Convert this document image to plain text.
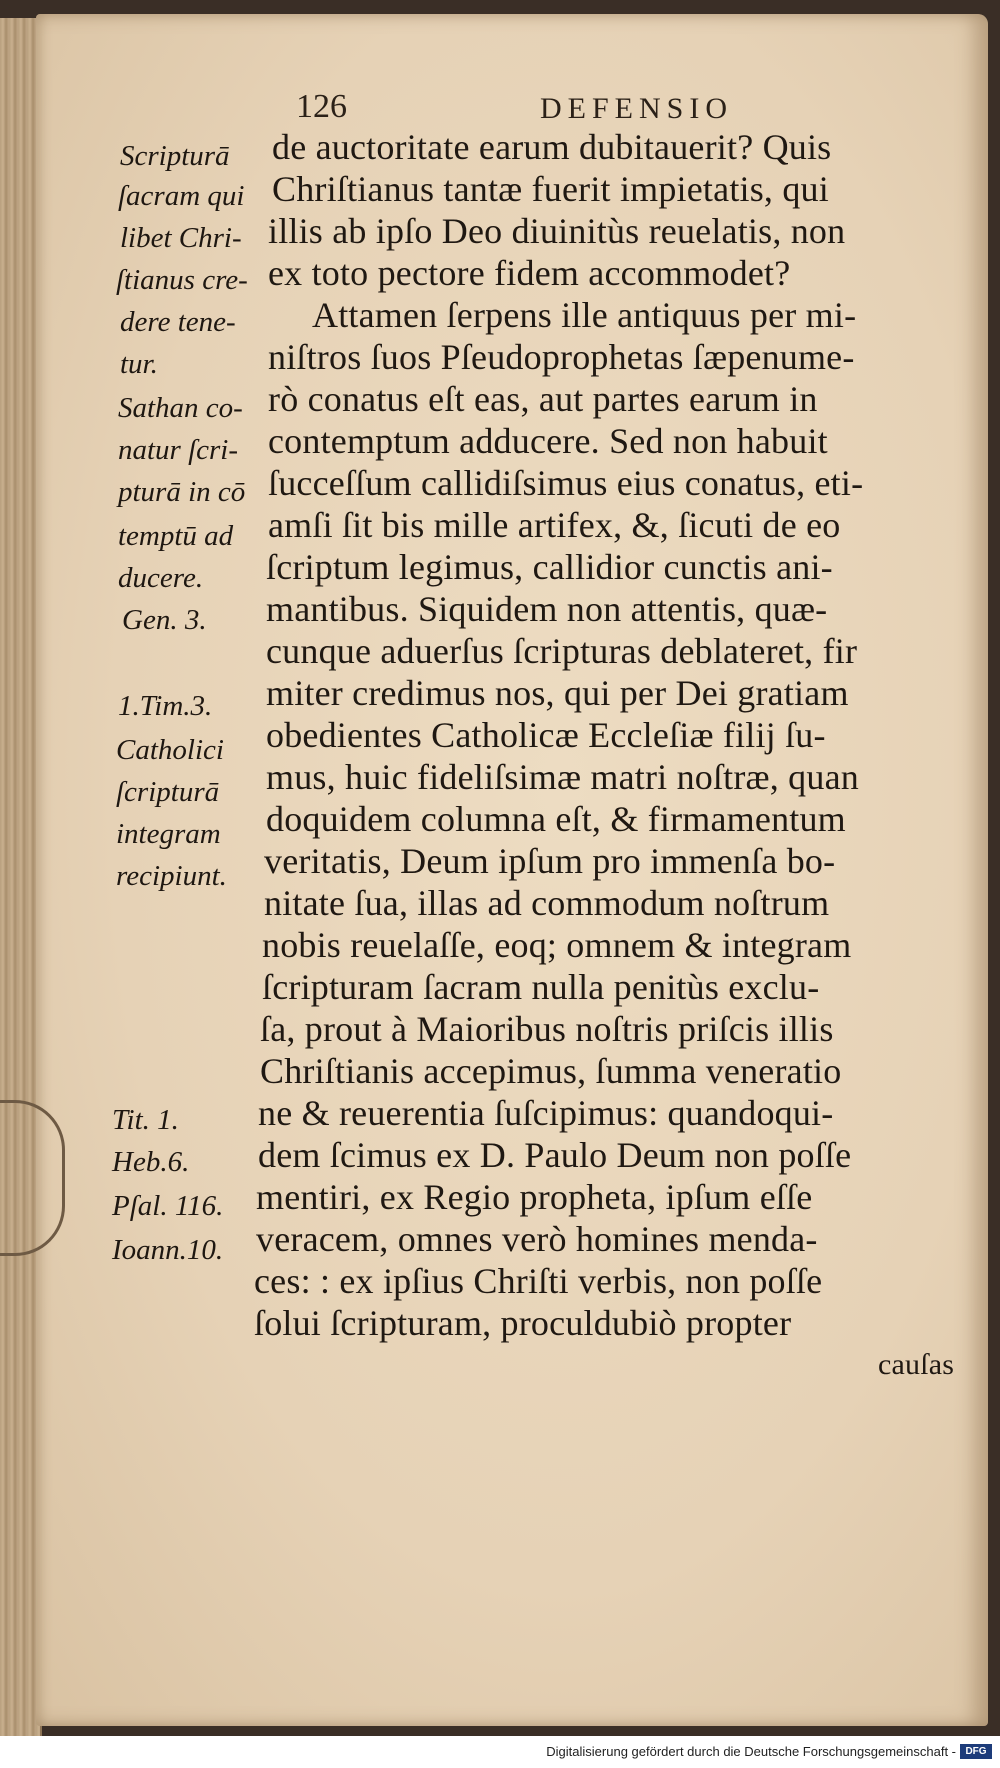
126	DEFENSIO
Scripturā
ſacram qui
libet Chri-
ſtianus cre-
dere tene-
tur.
Sathan co-
natur ſcri-
pturā in cō
temptū ad
ducere.
Gen. 3.
1.Tim.3.
Catholici
ſcripturā
integram
recipiunt.
Tit. 1.
Heb.6.
Pſal. 116.
Ioann.10.
de auctoritate earum dubitauerit? Quis
Chriſtianus tantæ fuerit impietatis, qui
illis ab ipſo Deo diuinitùs reuelatis, non
ex toto pectore fidem accommodet?
Attamen ſerpens ille antiquus per mi-
niſtros ſuos Pſeudoprophetas ſæpenume-
rò conatus eſt eas, aut partes earum in
contemptum adducere. Sed non habuit
ſucceſſum callidiſsimus eius conatus, eti-
amſi ſit bis mille artifex, &, ſicuti de eo
ſcriptum legimus, callidior cunctis ani-
mantibus. Siquidem non attentis, quæ-
cunque aduerſus ſcripturas deblateret, fir
miter credimus nos, qui per Dei gratiam
obedientes Catholicæ Eccleſiæ filij ſu-
mus, huic fideliſsimæ matri noſtræ, quan
doquidem columna eſt, & firmamentum
veritatis, Deum ipſum pro immenſa bo-
nitate ſua, illas ad commodum noſtrum
nobis reuelaſſe, eoq; omnem & integram
ſcripturam ſacram nulla penitùs exclu-
ſa, prout à Maioribus noſtris priſcis illis
Chriſtianis accepimus, ſumma veneratio
ne & reuerentia ſuſcipimus: quandoqui-
dem ſcimus ex D. Paulo Deum non poſſe
mentiri, ex Regio propheta, ipſum eſſe
veracem, omnes verò homines menda-
ces: : ex ipſius Chriſti verbis, non poſſe
ſolui ſcripturam, proculdubiò propter
cauſas
Digitalisierung gefördert durch die Deutsche Forschungsgemeinschaft - DFG
